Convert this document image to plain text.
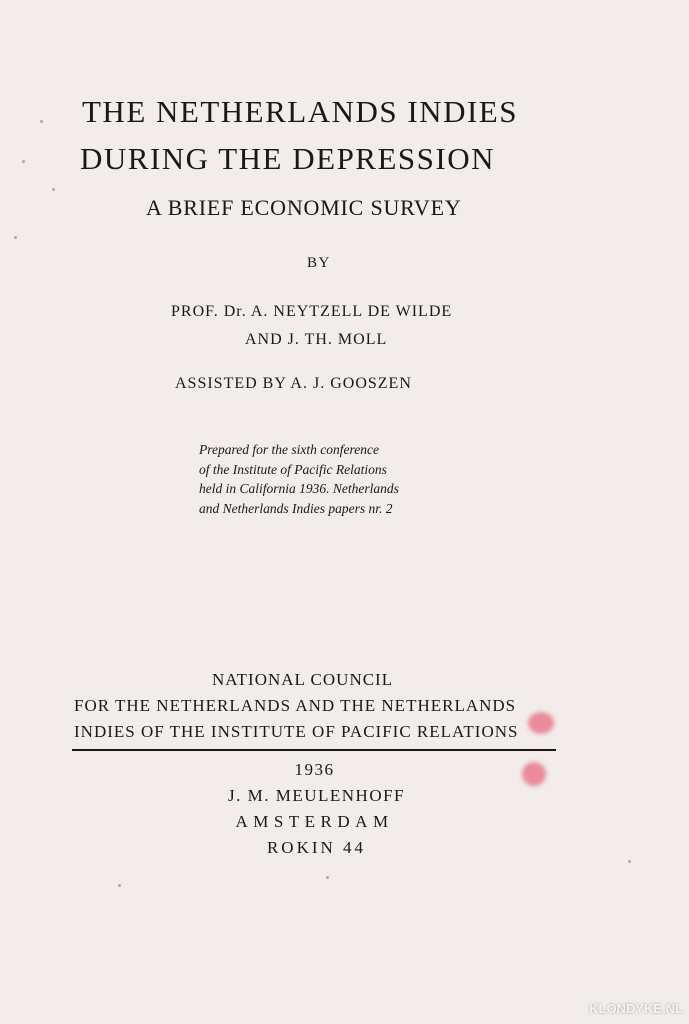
THE NETHERLANDS INDIES
DURING THE DEPRESSION
A BRIEF ECONOMIC SURVEY
BY
PROF. Dr. A. NEYTZELL DE WILDE
AND J. TH. MOLL
ASSISTED BY A. J. GOOSZEN
Prepared for the sixth conference
of the Institute of Pacific Relations
held in California 1936. Netherlands
and Netherlands Indies papers nr. 2
NATIONAL COUNCIL
FOR THE NETHERLANDS AND THE NETHERLANDS
INDIES OF THE INSTITUTE OF PACIFIC RELATIONS
1936
J. M. MEULENHOFF
AMSTERDAM
ROKIN 44
KLONDYKE.NL
